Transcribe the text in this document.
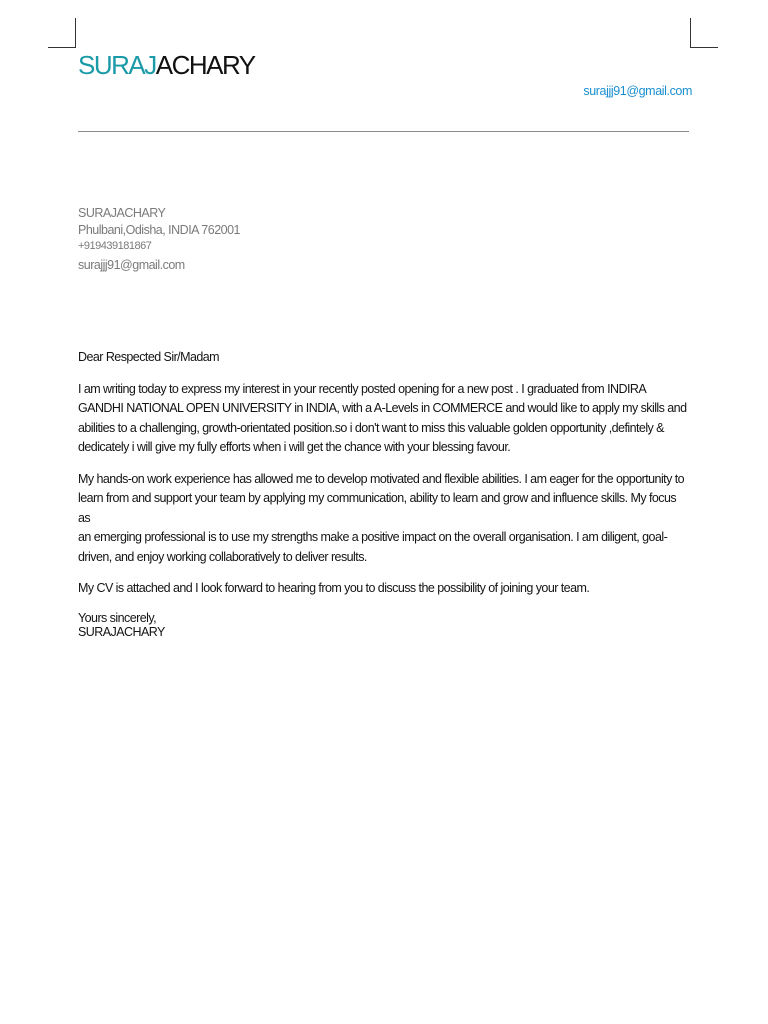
SURAJACHARY
surajjj91@gmail.com
SURAJACHARY
Phulbani,Odisha, INDIA 762001
+919439181867
surajjj91@gmail.com

Dear Respected Sir/Madam

I am writing today to express my interest in your recently posted opening for a new post . I graduated from INDIRA GANDHI NATIONAL OPEN UNIVERSITY in INDIA, with a A-Levels in COMMERCE and would like to apply my skills and abilities to a challenging, growth-orientated position.so i don't want to miss this valuable golden opportunity ,defintely & dedicately i will give my fully efforts when i will get the chance with your blessing favour.

My hands-on work experience has allowed me to develop motivated and flexible abilities. I am eager for the opportunity to learn from and support your team by applying my communication, ability to learn and grow and influence skills. My focus as

an emerging professional is to use my strengths make a positive impact on the overall organisation. I am diligent, goal-driven, and enjoy working collaboratively to deliver results.

My CV is attached and I look forward to hearing from you to discuss the possibility of joining your team.

Yours sincerely,
SURAJACHARY
